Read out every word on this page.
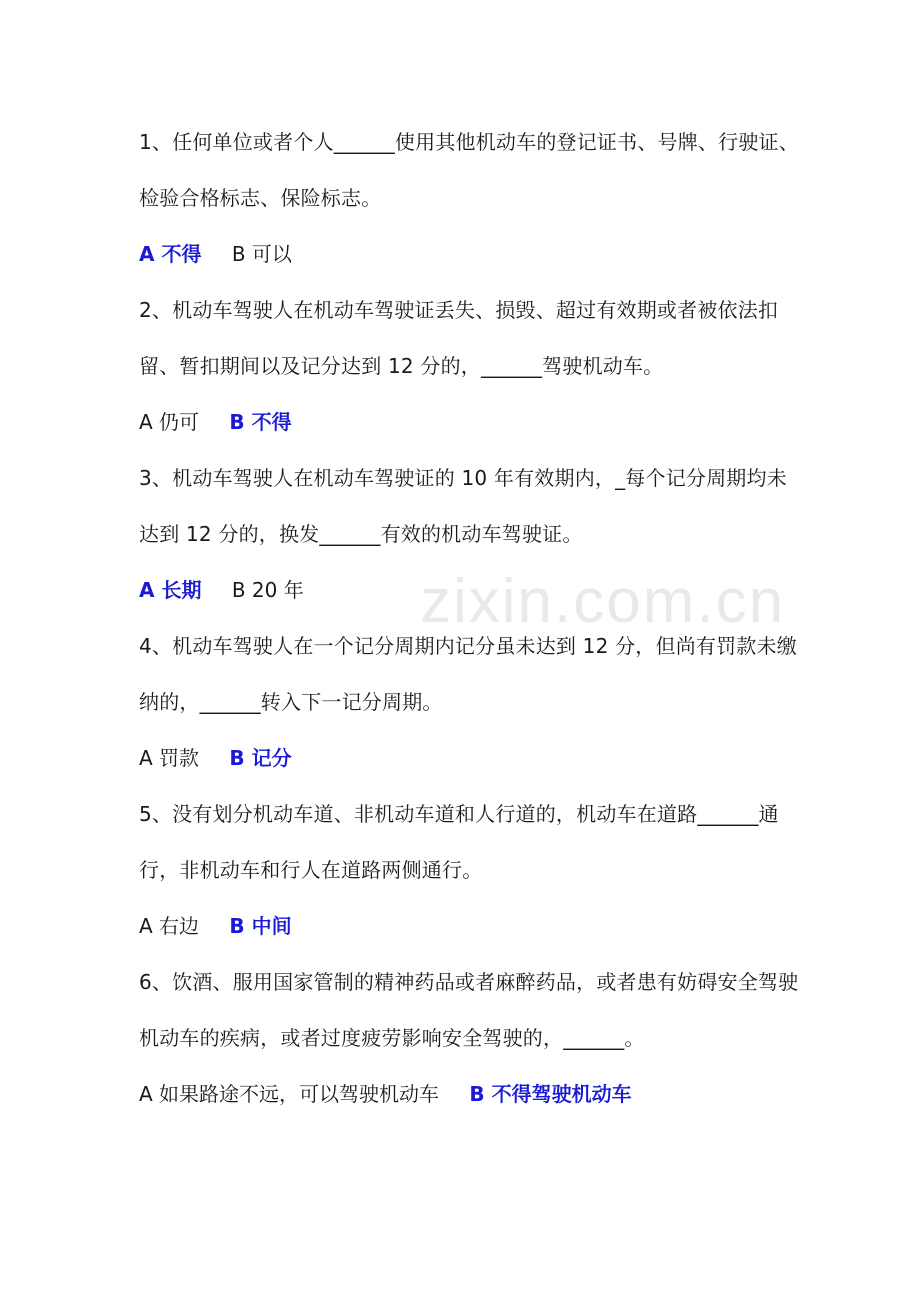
zixin.com.cn

1、任何单位或者个人______使用其他机动车的登记证书、号牌、行驶证、检验合格标志、保险标志。

A 不得 B 可以

2、机动车驾驶人在机动车驾驶证丢失、损毁、超过有效期或者被依法扣留、暂扣期间以及记分达到 12 分的，______驾驶机动车。

A 仍可 B 不得

3、机动车驾驶人在机动车驾驶证的 10 年有效期内，_每个记分周期均未达到 12 分的，换发______有效的机动车驾驶证。

A 长期 B 20 年

4、机动车驾驶人在一个记分周期内记分虽未达到 12 分，但尚有罚款未缴纳的，______转入下一记分周期。

A 罚款 B 记分

5、没有划分机动车道、非机动车道和人行道的，机动车在道路______通行，非机动车和行人在道路两侧通行。

A 右边 B 中间

6、饮酒、服用国家管制的精神药品或者麻醉药品，或者患有妨碍安全驾驶机动车的疾病，或者过度疲劳影响安全驾驶的，______。

A 如果路途不远，可以驾驶机动车 B 不得驾驶机动车
